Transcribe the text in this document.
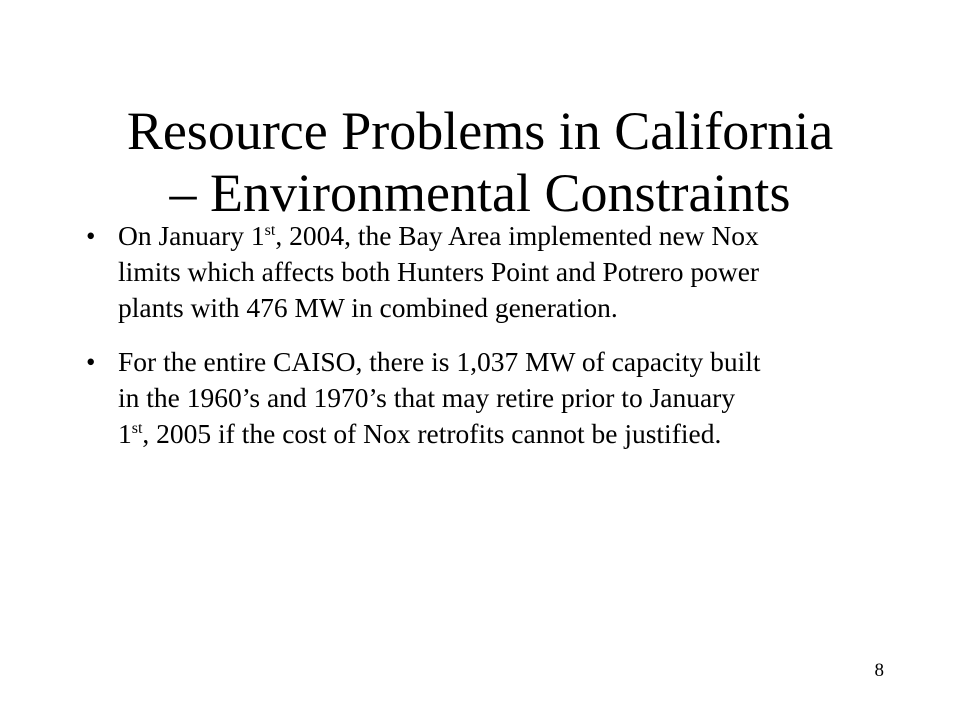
Resource Problems in California
– Environmental Constraints
• On January 1st, 2004, the Bay Area implemented new Nox
limits which affects both Hunters Point and Potrero power
plants with 476 MW in combined generation.
• For the entire CAISO, there is 1,037 MW of capacity built
in the 1960’s and 1970’s that may retire prior to January
1st, 2005 if the cost of Nox retrofits cannot be justified.
8
